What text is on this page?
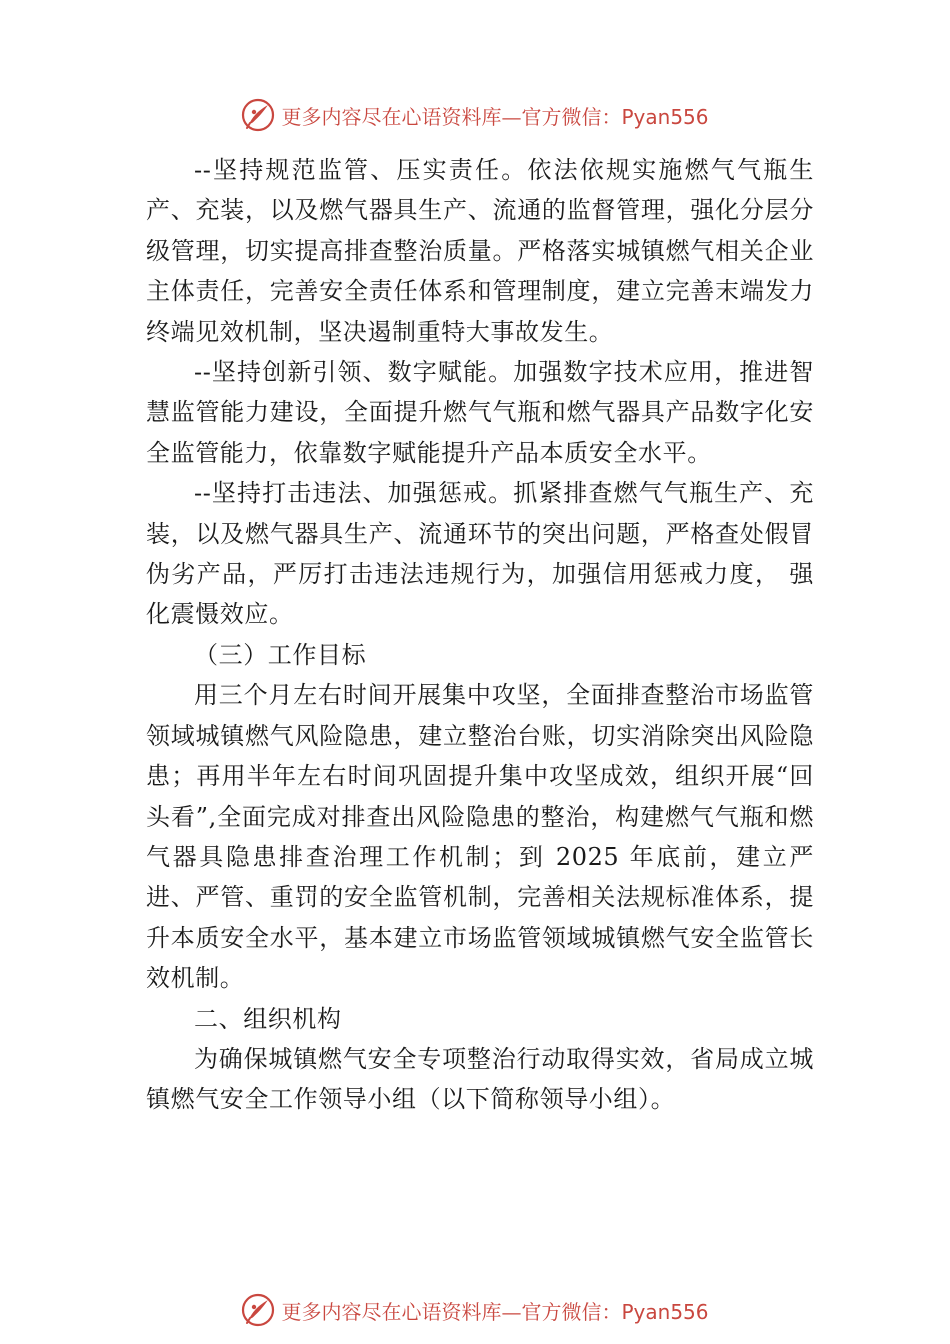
更多内容尽在心语资料库—官方微信：Pyan556

--坚持规范监管、压实责任。依法依规实施燃气气瓶生产、充装，以及燃气器具生产、流通的监督管理，强化分层分级管理，切实提高排查整治质量。严格落实城镇燃气相关企业主体责任，完善安全责任体系和管理制度，建立完善末端发力终端见效机制，坚决遏制重特大事故发生。

--坚持创新引领、数字赋能。加强数字技术应用，推进智慧监管能力建设，全面提升燃气气瓶和燃气器具产品数字化安全监管能力，依靠数字赋能提升产品本质安全水平。

--坚持打击违法、加强惩戒。抓紧排查燃气气瓶生产、充装，以及燃气器具生产、流通环节的突出问题，严格查处假冒伪劣产品，严厉打击违法违规行为，加强信用惩戒力度， 强化震慑效应。

（三）工作目标

用三个月左右时间开展集中攻坚，全面排查整治市场监管领域城镇燃气风险隐患，建立整治台账，切实消除突出风险隐患；再用半年左右时间巩固提升集中攻坚成效，组织开展“回头看”,全面完成对排查出风险隐患的整治，构建燃气气瓶和燃气器具隐患排查治理工作机制；到 2025 年底前，建立严进、严管、重罚的安全监管机制，完善相关法规标准体系，提升本质安全水平，基本建立市场监管领域城镇燃气安全监管长效机制。

二、组织机构

为确保城镇燃气安全专项整治行动取得实效，省局成立城镇燃气安全工作领导小组（以下简称领导小组）。

更多内容尽在心语资料库—官方微信：Pyan556
